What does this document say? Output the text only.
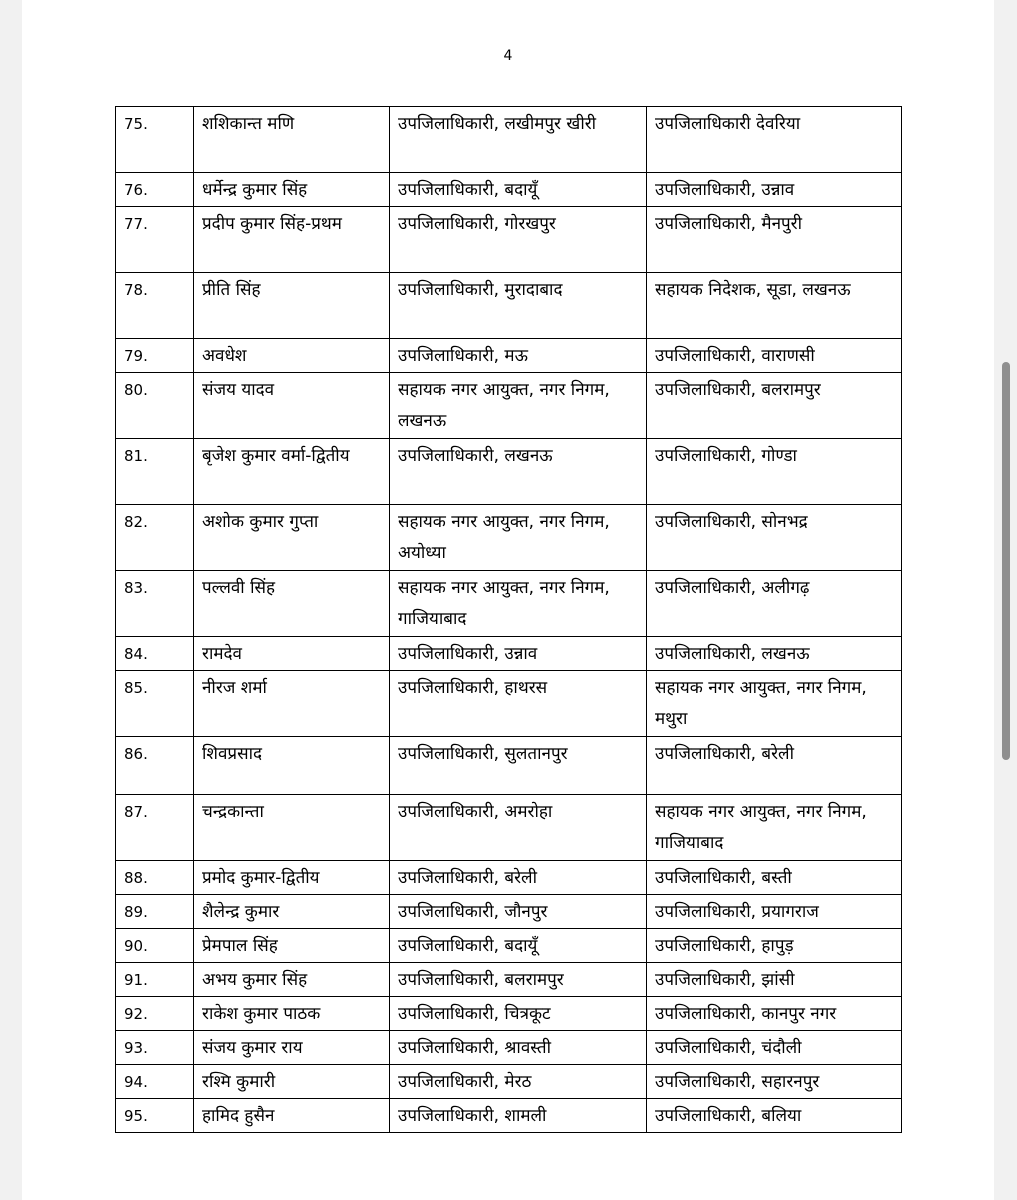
4
75.	शशिकान्त मणि	उपजिलाधिकारी, लखीमपुर खीरी	उपजिलाधिकारी देवरिया
76.	धर्मेन्द्र कुमार सिंह	उपजिलाधिकारी, बदायूँ	उपजिलाधिकारी, उन्नाव
77.	प्रदीप कुमार सिंह-प्रथम	उपजिलाधिकारी, गोरखपुर	उपजिलाधिकारी, मैनपुरी
78.	प्रीति सिंह	उपजिलाधिकारी, मुरादाबाद	सहायक निदेशक, सूडा, लखनऊ
79.	अवधेश	उपजिलाधिकारी, मऊ	उपजिलाधिकारी, वाराणसी
80.	संजय यादव	सहायक नगर आयुक्त, नगर निगम, लखनऊ	उपजिलाधिकारी, बलरामपुर
81.	बृजेश कुमार वर्मा-द्वितीय	उपजिलाधिकारी, लखनऊ	उपजिलाधिकारी, गोण्डा
82.	अशोक कुमार गुप्ता	सहायक नगर आयुक्त, नगर निगम, अयोध्या	उपजिलाधिकारी, सोनभद्र
83.	पल्लवी सिंह	सहायक नगर आयुक्त, नगर निगम, गाजियाबाद	उपजिलाधिकारी, अलीगढ़
84.	रामदेव	उपजिलाधिकारी, उन्नाव	उपजिलाधिकारी, लखनऊ
85.	नीरज शर्मा	उपजिलाधिकारी, हाथरस	सहायक नगर आयुक्त, नगर निगम, मथुरा
86.	शिवप्रसाद	उपजिलाधिकारी, सुलतानपुर	उपजिलाधिकारी, बरेली
87.	चन्द्रकान्ता	उपजिलाधिकारी, अमरोहा	सहायक नगर आयुक्त, नगर निगम, गाजियाबाद
88.	प्रमोद कुमार-द्वितीय	उपजिलाधिकारी, बरेली	उपजिलाधिकारी, बस्ती
89.	शैलेन्द्र कुमार	उपजिलाधिकारी, जौनपुर	उपजिलाधिकारी, प्रयागराज
90.	प्रेमपाल सिंह	उपजिलाधिकारी, बदायूँ	उपजिलाधिकारी, हापुड़
91.	अभय कुमार सिंह	उपजिलाधिकारी, बलरामपुर	उपजिलाधिकारी, झांसी
92.	राकेश कुमार पाठक	उपजिलाधिकारी, चित्रकूट	उपजिलाधिकारी, कानपुर नगर
93.	संजय कुमार राय	उपजिलाधिकारी, श्रावस्ती	उपजिलाधिकारी, चंदौली
94.	रश्मि कुमारी	उपजिलाधिकारी, मेरठ	उपजिलाधिकारी, सहारनपुर
95.	हामिद हुसैन	उपजिलाधिकारी, शामली	उपजिलाधिकारी, बलिया
